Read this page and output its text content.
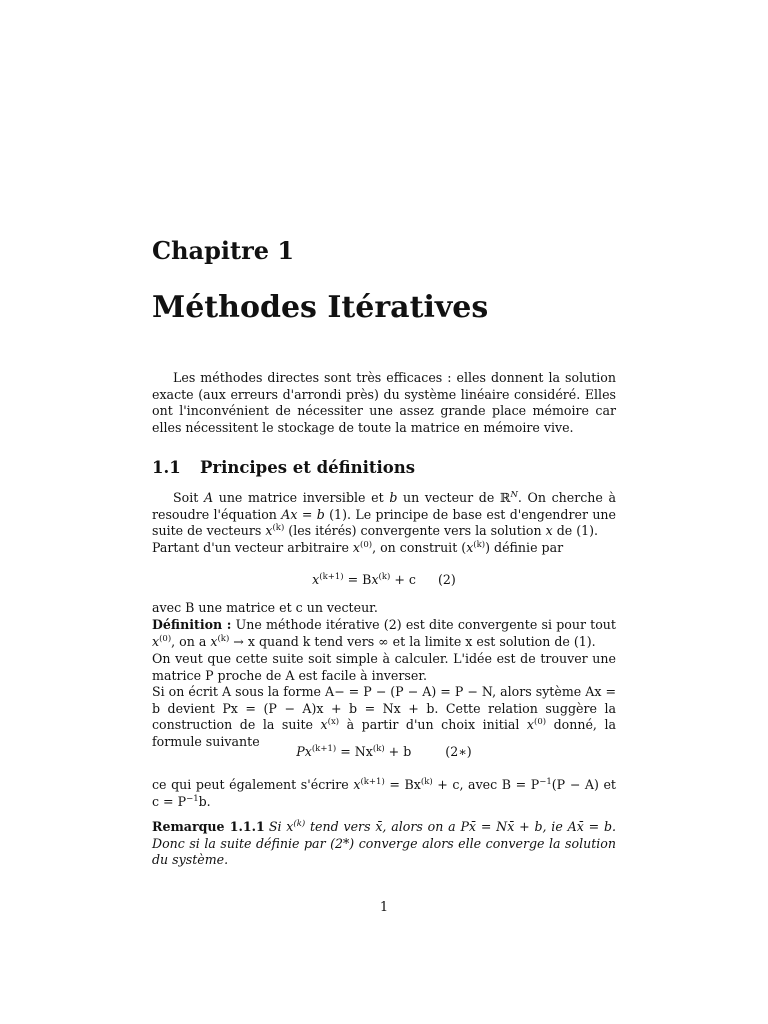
Chapitre 1
Méthodes Itératives
Les méthodes directes sont très efficaces : elles donnent la solution exacte (aux erreurs d'arrondi près) du système linéaire considéré. Elles ont l'inconvénient de nécessiter une assez grande place mémoire car elles nécessitent le stockage de toute la matrice en mémoire vive.
1.1 Principes et définitions
Soit A une matrice inversible et b un vecteur de ℝ$^N$. On cherche à resoudre l'équation Ax = b (1). Le principe de base est d'engendrer une suite de vecteurs $x^{(k)}$ (les itérés) convergente vers la solution x de (1).
Partant d'un vecteur arbitraire $x^{(0)}$, on construit $(x^{(k)})$ définie par
$x^{(k+1)} = Bx^{(k)} + c$ (2)
avec B une matrice et c un vecteur.
Définition : Une méthode itérative (2) est dite convergente si pour tout $x^{(0)}$, on a $x^{(k)} \to x$ quand k tend vers ∞ et la limite x est solution de (1).
On veut que cette suite soit simple à calculer. L'idée est de trouver une matrice P proche de A est facile à inverser.
Si on écrit A sous la forme A− = P − (P − A) = P − N, alors sytème Ax = b devient Px = (P − A)x + b = Nx + b. Cette relation suggère la construction de la suite $x^{(x)}$ à partir d'un choix initial $x^{(0)}$ donné, la formule suivante
$Px^{(k+1)} = Nx^{(k)} + b$	(2∗)
ce qui peut également s'écrire $x^{(k+1)} = Bx^{(k)} + c$, avec $B = P^{-1}(P - A)$ et $c = P^{-1}b$.
Remarque 1.1.1 Si $x^{(k)}$ tend vers x̄, alors on a Px̄ = Nx̄ + b, ie Ax̄ = b. Donc si la suite définie par (2*) converge alors elle converge la solution du système.
1
